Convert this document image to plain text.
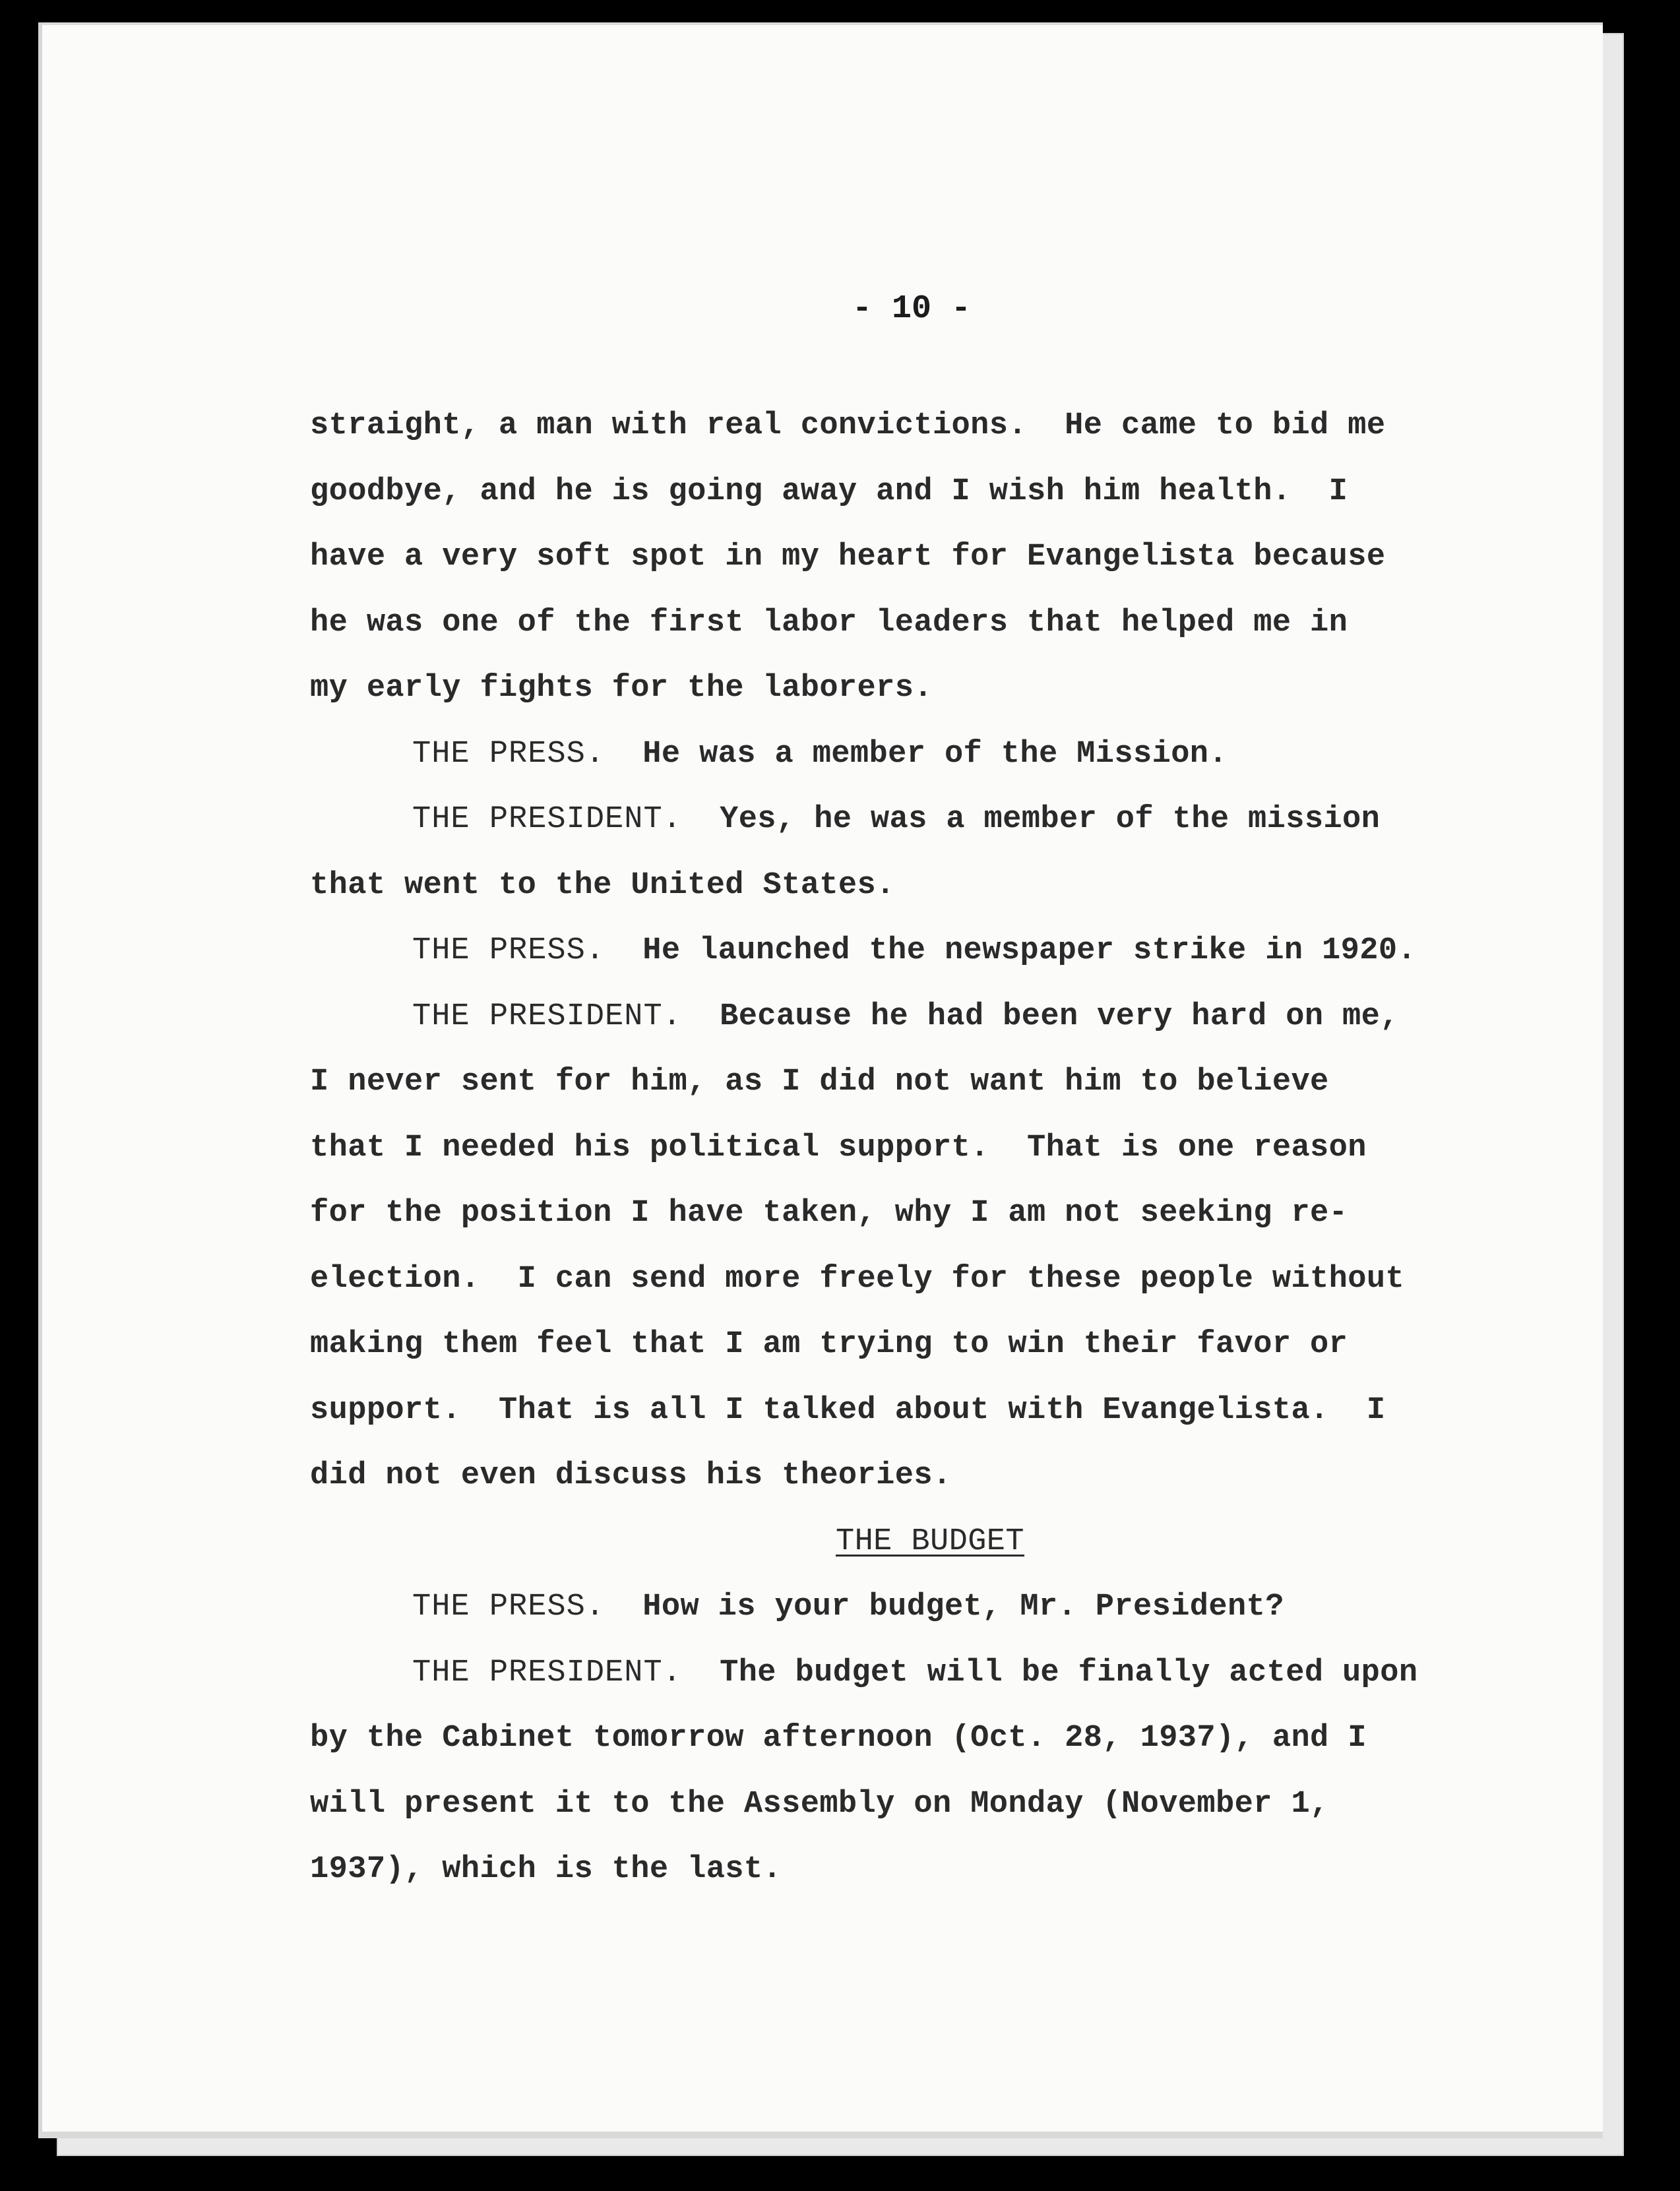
- 10 -
straight, a man with real convictions.  He came to bid me
goodbye, and he is going away and I wish him health.  I
have a very soft spot in my heart for Evangelista because
he was one of the first labor leaders that helped me in
my early fights for the laborers.
THE PRESS. He was a member of the Mission.
THE PRESIDENT. Yes, he was a member of the mission
that went to the United States.
THE PRESS. He launched the newspaper strike in 1920.
THE PRESIDENT. Because he had been very hard on me,
I never sent for him, as I did not want him to believe
that I needed his political support.  That is one reason
for the position I have taken, why I am not seeking re-
election.  I can send more freely for these people without
making them feel that I am trying to win their favor or
support.  That is all I talked about with Evangelista.  I
did not even discuss his theories.
THE BUDGET
THE PRESS. How is your budget, Mr. President?
THE PRESIDENT. The budget will be finally acted upon
by the Cabinet tomorrow afternoon (Oct. 28, 1937), and I
will present it to the Assembly on Monday (November 1,
1937), which is the last.
